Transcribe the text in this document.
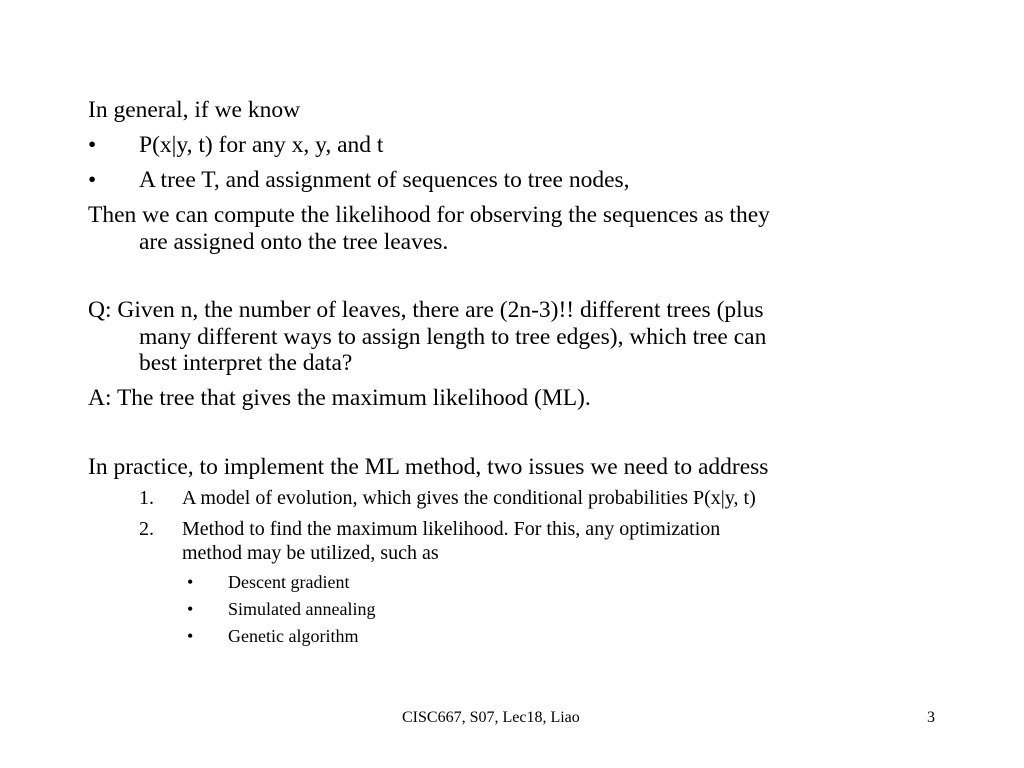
In general, if we know
• P(x|y, t) for any x, y, and t
• A tree T, and assignment of sequences to tree nodes,
Then we can compute the likelihood for observing the sequences as they
are assigned onto the tree leaves.
Q: Given n, the number of leaves, there are (2n-3)!! different trees (plus
many different ways to assign length to tree edges), which tree can
best interpret the data?
A: The tree that gives the maximum likelihood (ML).
In practice, to implement the ML method, two issues we need to address
1. A model of evolution, which gives the conditional probabilities P(x|y, t)
2. Method to find the maximum likelihood. For this, any optimization
method may be utilized, such as
• Descent gradient
• Simulated annealing
• Genetic algorithm
CISC667, S07, Lec18, Liao	3
